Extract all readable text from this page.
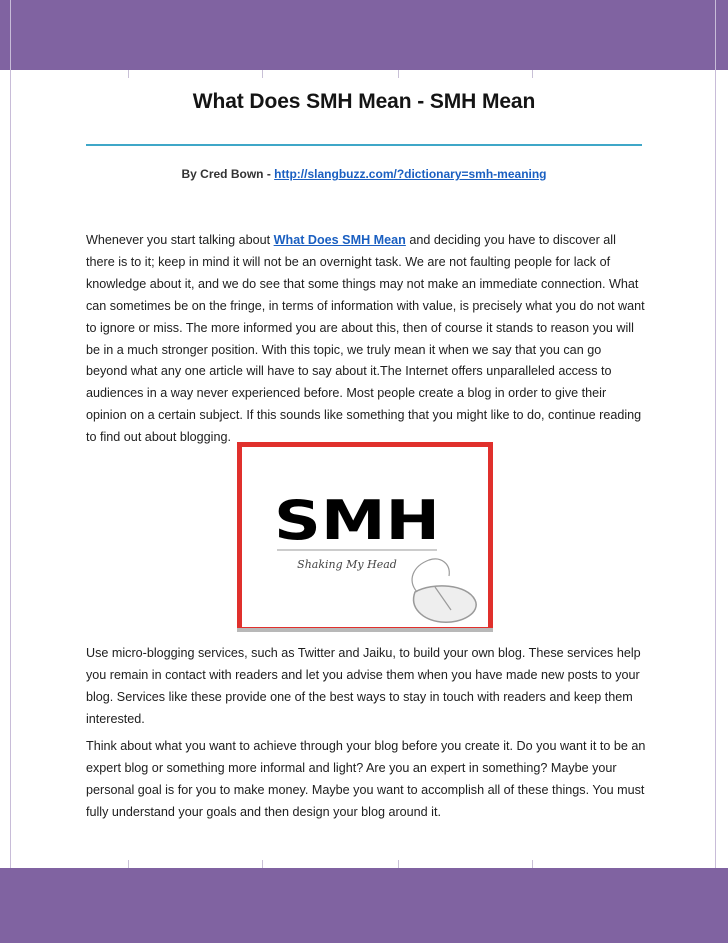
What Does SMH Mean - SMH Mean
By Cred Bown - http://slangbuzz.com/?dictionary=smh-meaning

Whenever you start talking about What Does SMH Mean and deciding you have to discover all there is to it; keep in mind it will not be an overnight task. We are not faulting people for lack of knowledge about it, and we do see that some things may not make an immediate connection. What can sometimes be on the fringe, in terms of information with value, is precisely what you do not want to ignore or miss. The more informed you are about this, then of course it stands to reason you will be in a much stronger position. With this topic, we truly mean it when we say that you can go beyond what any one article will have to say about it.The Internet offers unparalleled access to audiences in a way never experienced before. Most people create a blog in order to give their opinion on a certain subject. If this sounds like something that you might like to do, continue reading to find out about blogging.

SMH
Shaking My Head

Use micro-blogging services, such as Twitter and Jaiku, to build your own blog. These services help you remain in contact with readers and let you advise them when you have made new posts to your blog. Services like these provide one of the best ways to stay in touch with readers and keep them interested.

Think about what you want to achieve through your blog before you create it. Do you want it to be an expert blog or something more informal and light? Are you an expert in something? Maybe your personal goal is for you to make money. Maybe you want to accomplish all of these things. You must fully understand your goals and then design your blog around it.
